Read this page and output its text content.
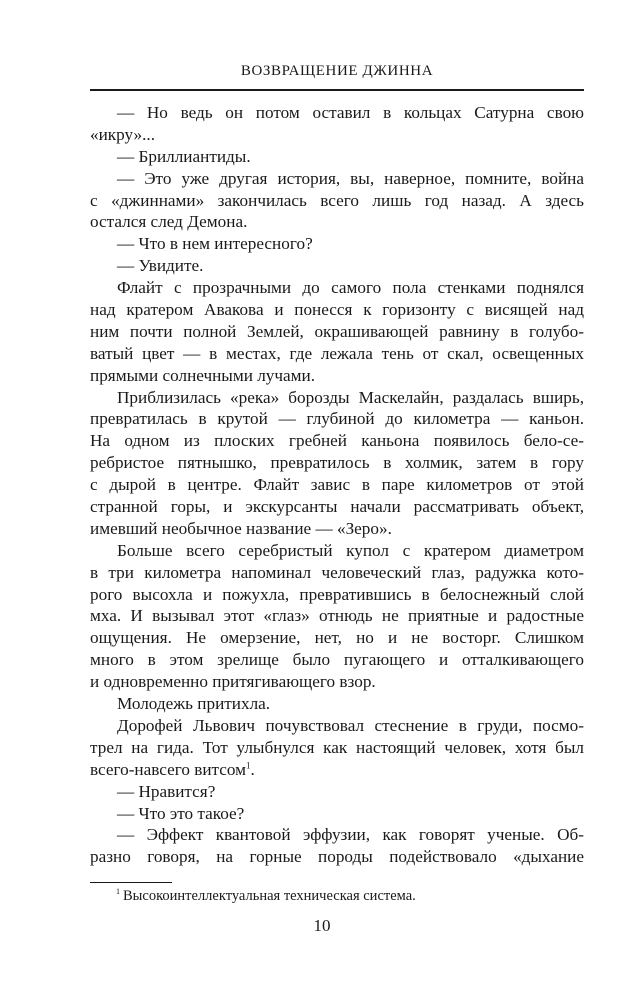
ВОЗВРАЩЕНИЕ ДЖИННА
— Но ведь он потом оставил в кольцах Сатурна свою
«икру»...
— Бриллиантиды.
— Это уже другая история, вы, наверное, помните, война
с «джиннами» закончилась всего лишь год назад. А здесь
остался след Демона.
— Что в нем интересного?
— Увидите.
Флайт с прозрачными до самого пола стенками поднялся
над кратером Авакова и понесся к горизонту с висящей над
ним почти полной Землей, окрашивающей равнину в голубо-
ватый цвет — в местах, где лежала тень от скал, освещенных
прямыми солнечными лучами.
Приблизилась «река» борозды Маскелайн, раздалась вширь,
превратилась в крутой — глубиной до километра — каньон.
На одном из плоских гребней каньона появилось бело-се-
ребристое пятнышко, превратилось в холмик, затем в гору
с дырой в центре. Флайт завис в паре километров от этой
странной горы, и экскурсанты начали рассматривать объект,
имевший необычное название — «Зеро».
Больше всего серебристый купол с кратером диаметром
в три километра напоминал человеческий глаз, радужка кото-
рого высохла и пожухла, превратившись в белоснежный слой
мха. И вызывал этот «глаз» отнюдь не приятные и радостные
ощущения. Не омерзение, нет, но и не восторг. Слишком
много в этом зрелище было пугающего и отталкивающего
и одновременно притягивающего взор.
Молодежь притихла.
Дорофей Львович почувствовал стеснение в груди, посмо-
трел на гида. Тот улыбнулся как настоящий человек, хотя был
всего-навсего витсом$^1$.
— Нравится?
— Что это такое?
— Эффект квантовой эффузии, как говорят ученые. Об-
разно говоря, на горные породы подействовало «дыхание
$^1$ Высокоинтеллектуальная техническая система.
10
